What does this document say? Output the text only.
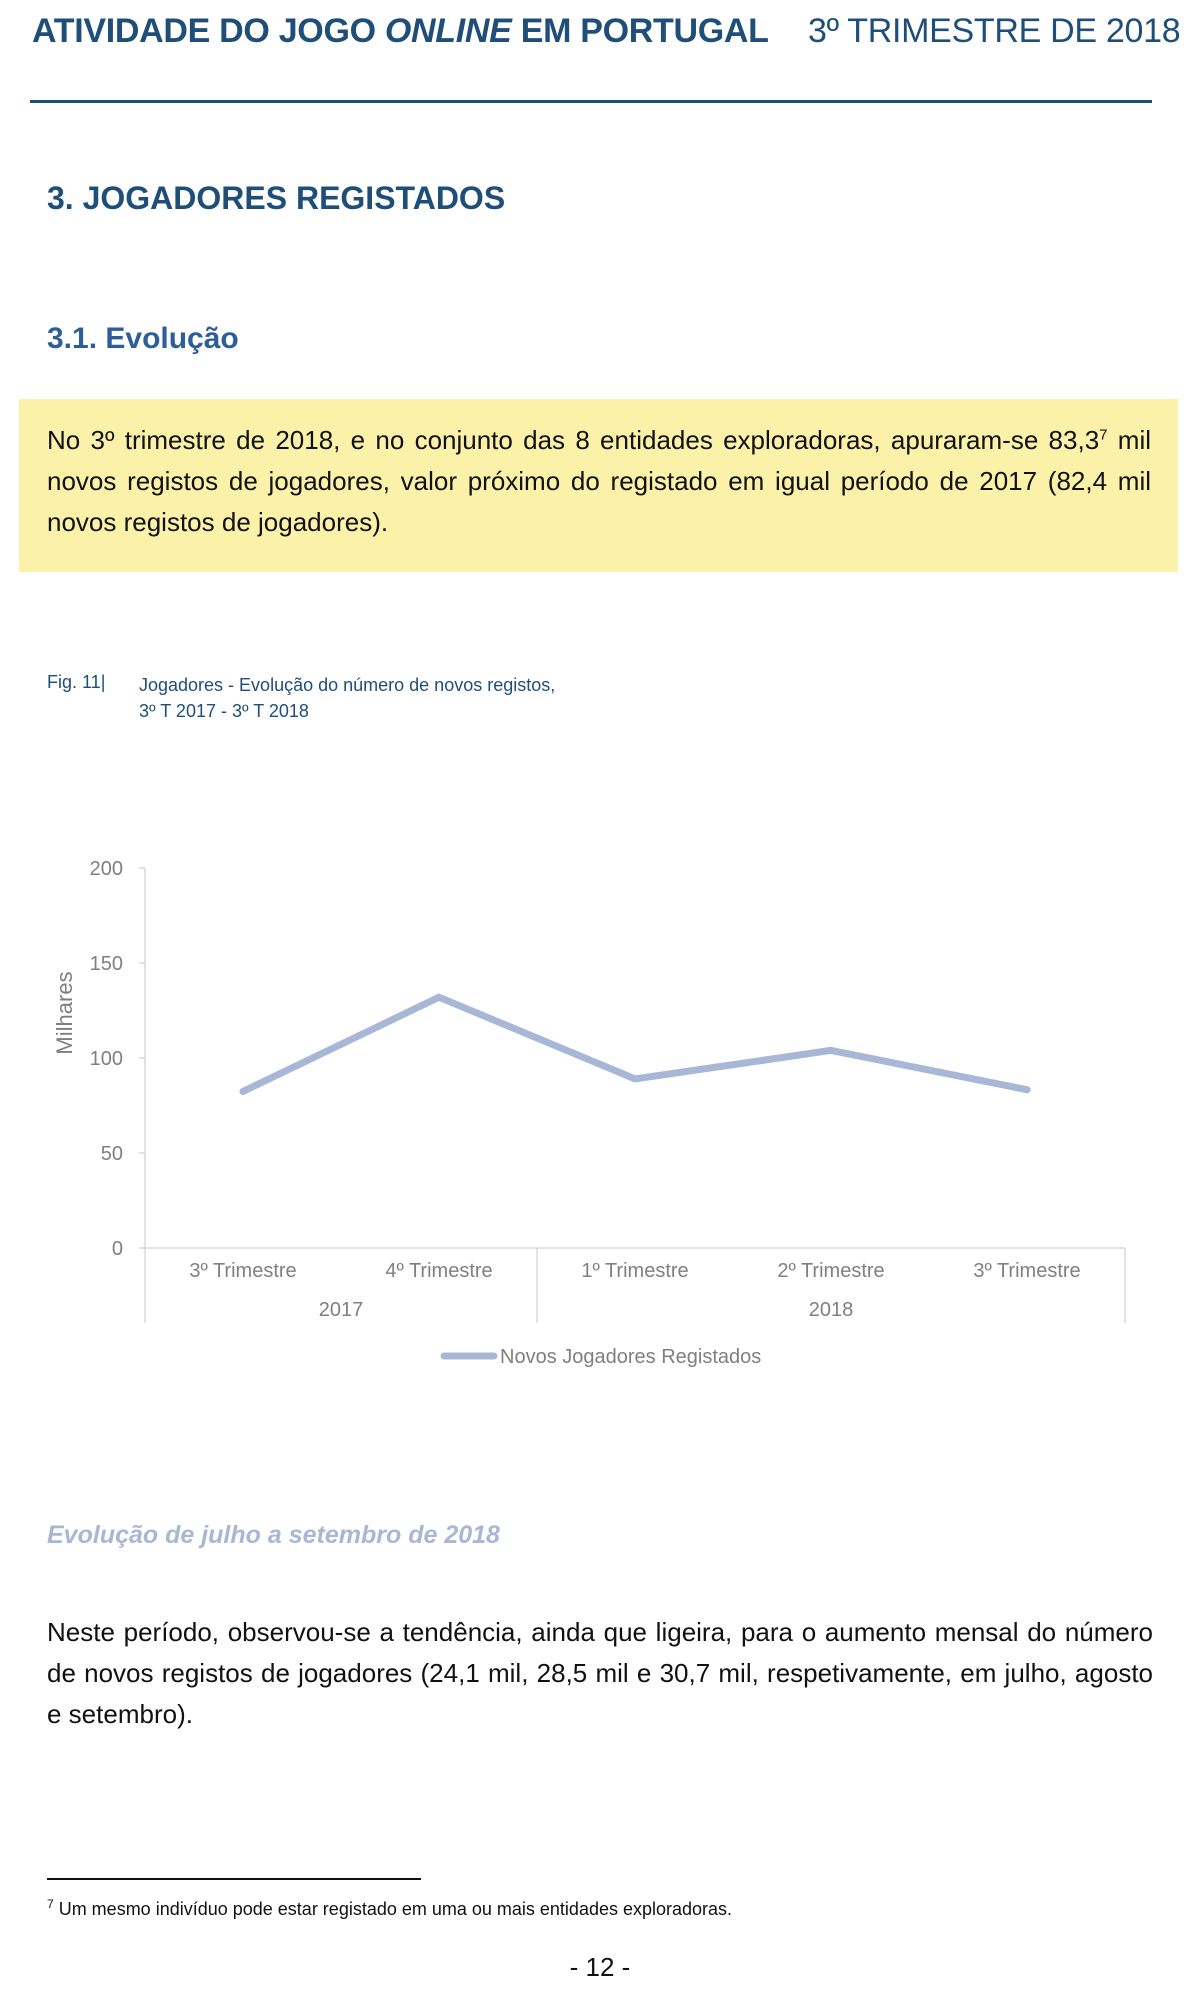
ATIVIDADE DO JOGO ONLINE EM PORTUGAL 3º TRIMESTRE DE 2018
3. JOGADORES REGISTADOS
3.1. Evolução
No 3º trimestre de 2018, e no conjunto das 8 entidades exploradoras, apuraram-se 83,3$^7$ mil novos registos de jogadores, valor próximo do registado em igual período de 2017 (82,4 mil novos registos de jogadores).
Fig. 11| Jogadores - Evolução do número de novos registos,
3º T 2017 - 3º T 2018
0
50
100
150
200
Milhares
3º Trimestre	4º Trimestre	1º Trimestre	2º Trimestre	3º Trimestre
2017	2018
Novos Jogadores Registados
Evolução de julho a setembro de 2018
Neste período, observou-se a tendência, ainda que ligeira, para o aumento mensal do número de novos registos de jogadores (24,1 mil, 28,5 mil e 30,7 mil, respetivamente, em julho, agosto e setembro).
$^7$ Um mesmo indivíduo pode estar registado em uma ou mais entidades exploradoras.
- 12 -
